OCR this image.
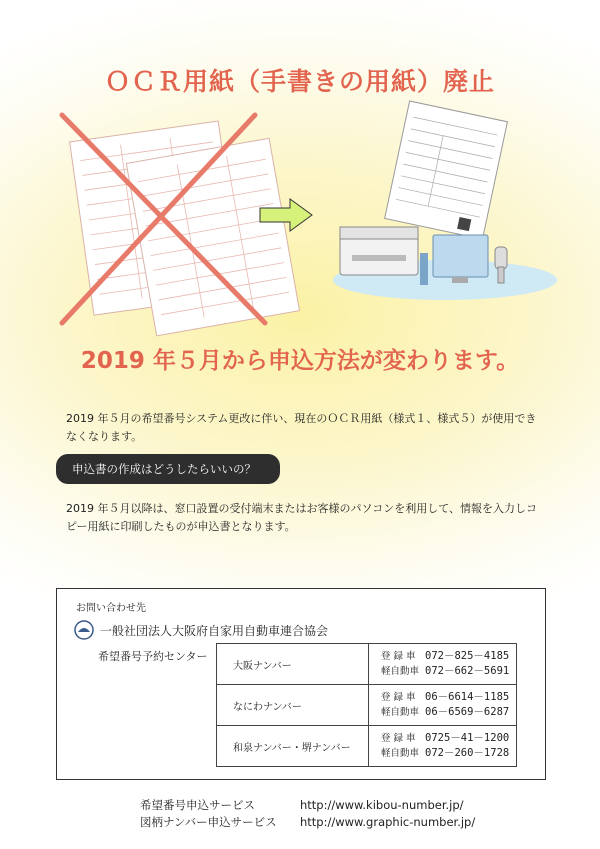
ＯＣＲ用紙（手書きの用紙）廃止
2019 年５月から申込方法が変わります。
2019 年５月の希望番号システム更改に伴い、現在のＯＣＲ用紙（様式１、様式５）が使用できなくなります。
申込書の作成はどうしたらいいの？
2019 年５月以降は、窓口設置の受付端末またはお客様のパソコンを利用して、情報を入力しコピー用紙に印刷したものが申込書となります。
お問い合わせ先
一般社団法人大阪府自家用自動車連合協会
希望番号予約センター
大阪ナンバー	登 録 車 072－825－4185
軽自動車 072－662－5691

なにわナンバー	登 録 車 06－6614－1185
軽自動車 06－6569－6287

和泉ナンバー・堺ナンバー	登 録 車 0725－41－1200
軽自動車 072－260－1728
希望番号申込サービス	http://www.kibou-number.jp/
図柄ナンバー申込サービス http://www.graphic-number.jp/
